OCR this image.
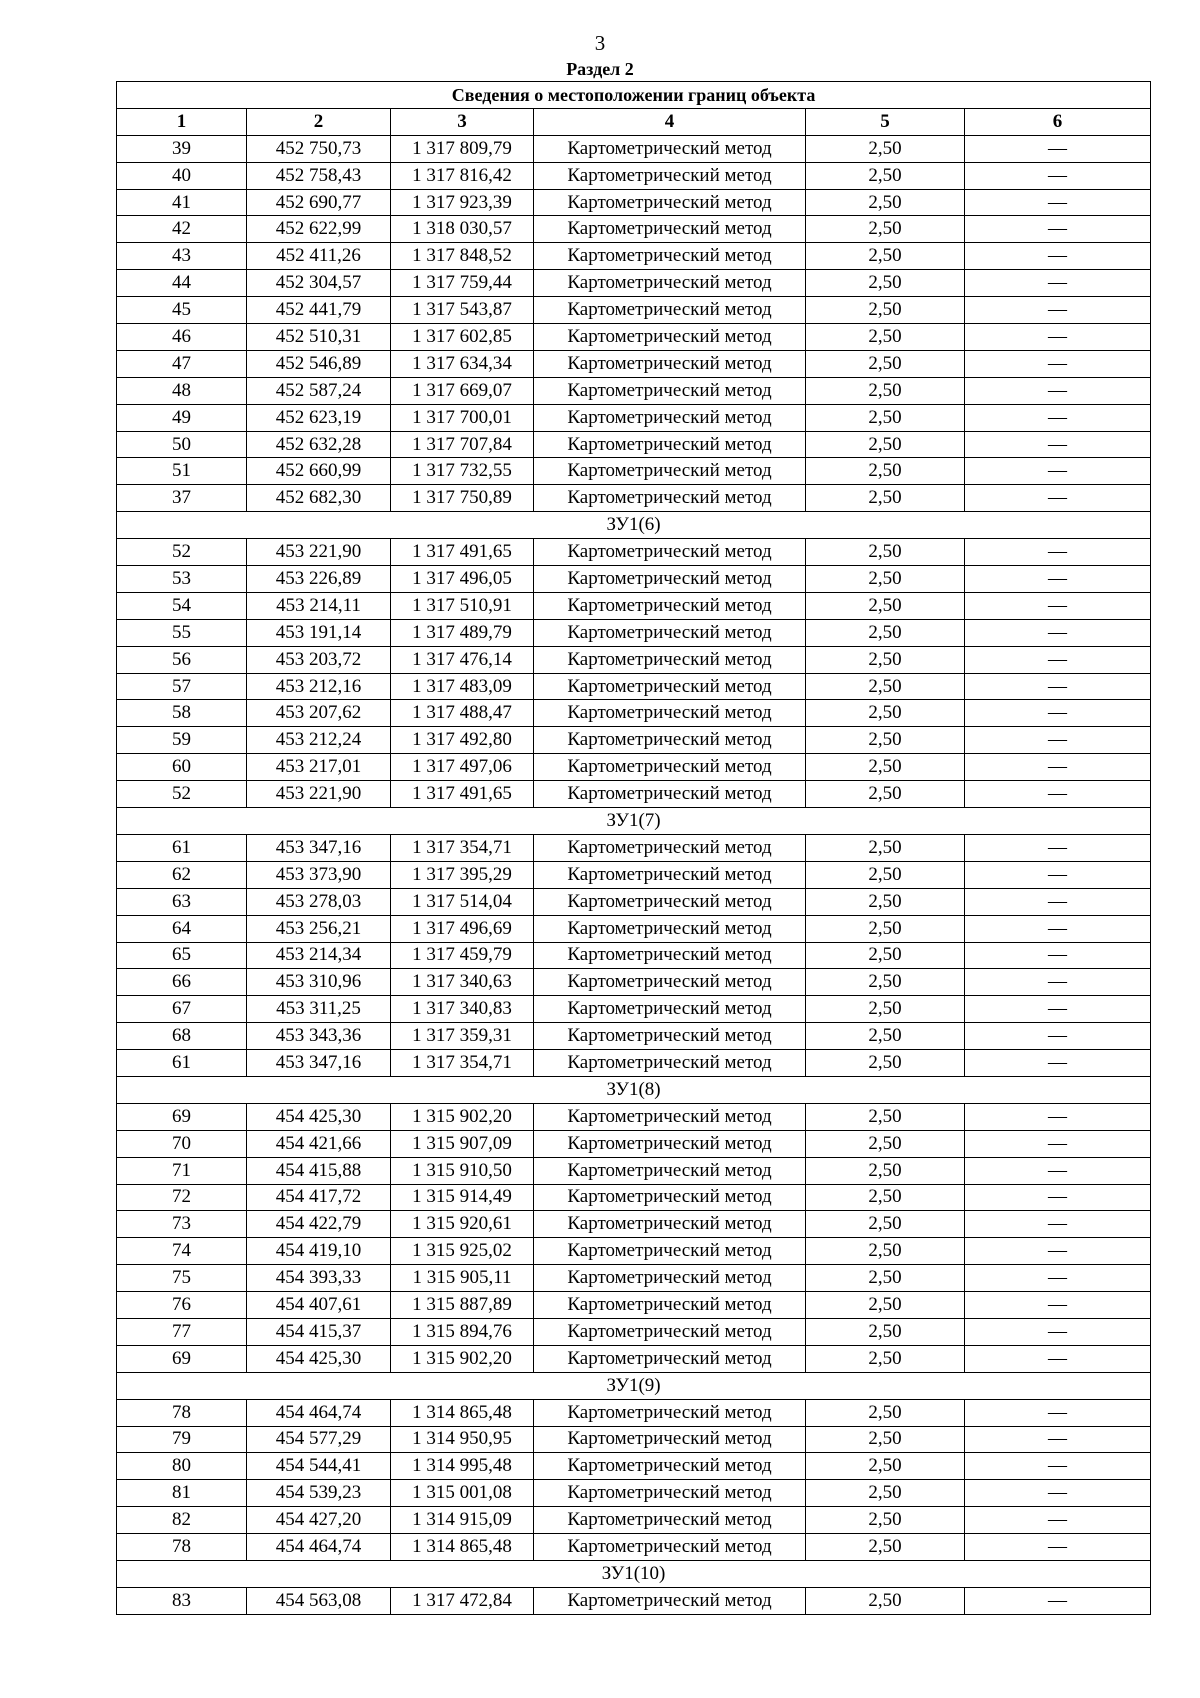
3
Раздел 2
Сведения о местоположении границ объекта					
1	2	3	4	5	6
39	452 750,73	1 317 809,79	Картометрический метод	2,50	—
40	452 758,43	1 317 816,42	Картометрический метод	2,50	—
41	452 690,77	1 317 923,39	Картометрический метод	2,50	—
42	452 622,99	1 318 030,57	Картометрический метод	2,50	—
43	452 411,26	1 317 848,52	Картометрический метод	2,50	—
44	452 304,57	1 317 759,44	Картометрический метод	2,50	—
45	452 441,79	1 317 543,87	Картометрический метод	2,50	—
46	452 510,31	1 317 602,85	Картометрический метод	2,50	—
47	452 546,89	1 317 634,34	Картометрический метод	2,50	—
48	452 587,24	1 317 669,07	Картометрический метод	2,50	—
49	452 623,19	1 317 700,01	Картометрический метод	2,50	—
50	452 632,28	1 317 707,84	Картометрический метод	2,50	—
51	452 660,99	1 317 732,55	Картометрический метод	2,50	—
37	452 682,30	1 317 750,89	Картометрический метод	2,50	—
ЗУ1(6)					
52	453 221,90	1 317 491,65	Картометрический метод	2,50	—
53	453 226,89	1 317 496,05	Картометрический метод	2,50	—
54	453 214,11	1 317 510,91	Картометрический метод	2,50	—
55	453 191,14	1 317 489,79	Картометрический метод	2,50	—
56	453 203,72	1 317 476,14	Картометрический метод	2,50	—
57	453 212,16	1 317 483,09	Картометрический метод	2,50	—
58	453 207,62	1 317 488,47	Картометрический метод	2,50	—
59	453 212,24	1 317 492,80	Картометрический метод	2,50	—
60	453 217,01	1 317 497,06	Картометрический метод	2,50	—
52	453 221,90	1 317 491,65	Картометрический метод	2,50	—
ЗУ1(7)					
61	453 347,16	1 317 354,71	Картометрический метод	2,50	—
62	453 373,90	1 317 395,29	Картометрический метод	2,50	—
63	453 278,03	1 317 514,04	Картометрический метод	2,50	—
64	453 256,21	1 317 496,69	Картометрический метод	2,50	—
65	453 214,34	1 317 459,79	Картометрический метод	2,50	—
66	453 310,96	1 317 340,63	Картометрический метод	2,50	—
67	453 311,25	1 317 340,83	Картометрический метод	2,50	—
68	453 343,36	1 317 359,31	Картометрический метод	2,50	—
61	453 347,16	1 317 354,71	Картометрический метод	2,50	—
ЗУ1(8)					
69	454 425,30	1 315 902,20	Картометрический метод	2,50	—
70	454 421,66	1 315 907,09	Картометрический метод	2,50	—
71	454 415,88	1 315 910,50	Картометрический метод	2,50	—
72	454 417,72	1 315 914,49	Картометрический метод	2,50	—
73	454 422,79	1 315 920,61	Картометрический метод	2,50	—
74	454 419,10	1 315 925,02	Картометрический метод	2,50	—
75	454 393,33	1 315 905,11	Картометрический метод	2,50	—
76	454 407,61	1 315 887,89	Картометрический метод	2,50	—
77	454 415,37	1 315 894,76	Картометрический метод	2,50	—
69	454 425,30	1 315 902,20	Картометрический метод	2,50	—
ЗУ1(9)					
78	454 464,74	1 314 865,48	Картометрический метод	2,50	—
79	454 577,29	1 314 950,95	Картометрический метод	2,50	—
80	454 544,41	1 314 995,48	Картометрический метод	2,50	—
81	454 539,23	1 315 001,08	Картометрический метод	2,50	—
82	454 427,20	1 314 915,09	Картометрический метод	2,50	—
78	454 464,74	1 314 865,48	Картометрический метод	2,50	—
ЗУ1(10)					
83	454 563,08	1 317 472,84	Картометрический метод	2,50	—
